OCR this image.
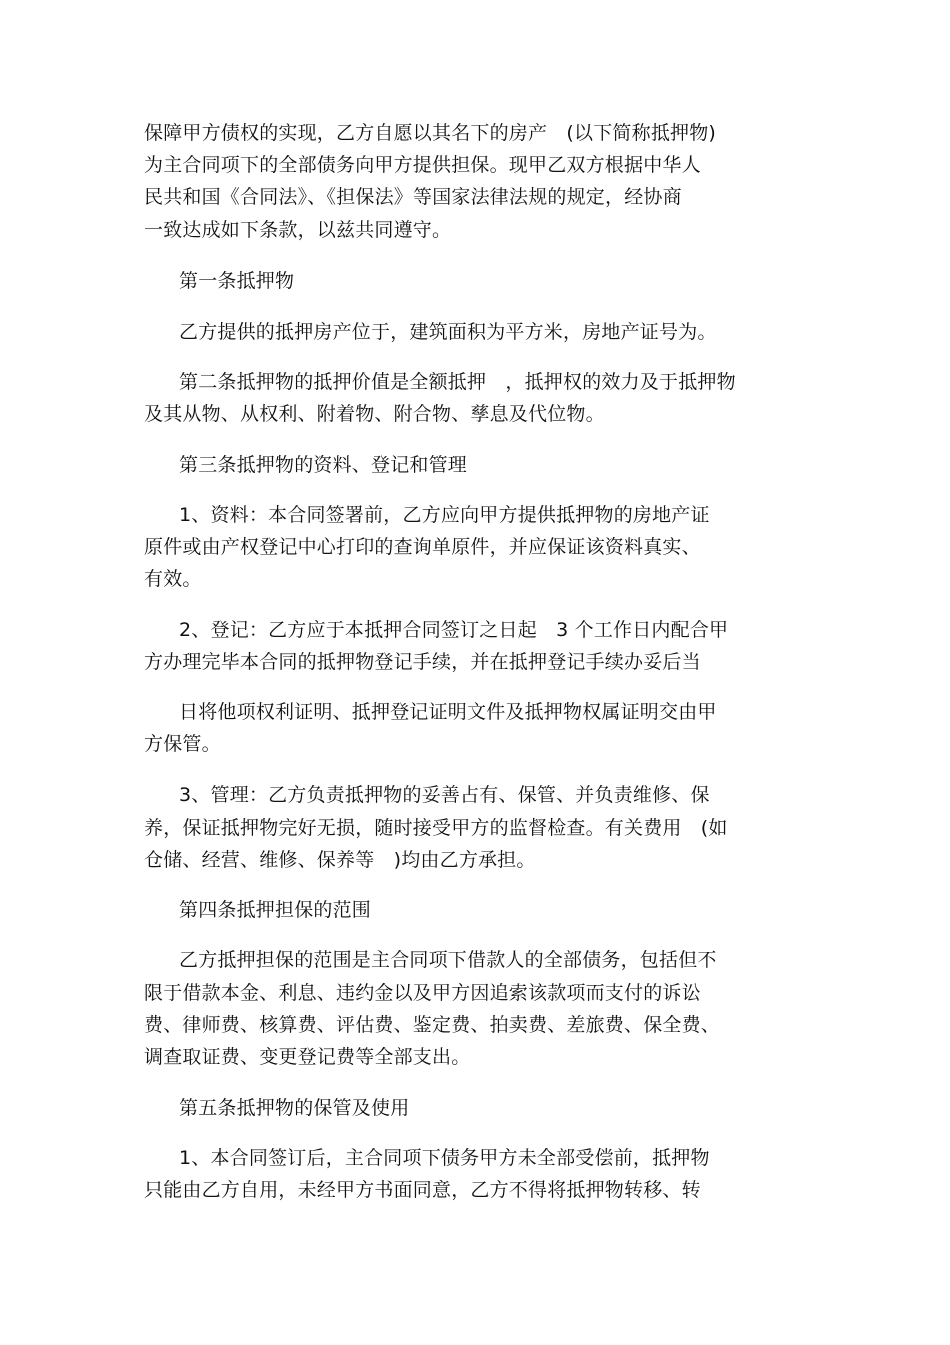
保障甲方债权的实现，乙方自愿以其名下的房产　(以下简称抵押物)
为主合同项下的全部债务向甲方提供担保。现甲乙双方根据中华人
民共和国《合同法》、《担保法》等国家法律法规的规定，经协商
一致达成如下条款，以兹共同遵守。
第一条抵押物
乙方提供的抵押房产位于，建筑面积为平方米，房地产证号为。
第二条抵押物的抵押价值是全额抵押　，抵押权的效力及于抵押物
及其从物、从权利、附着物、附合物、孳息及代位物。
第三条抵押物的资料、登记和管理
1、资料：本合同签署前，乙方应向甲方提供抵押物的房地产证
原件或由产权登记中心打印的查询单原件，并应保证该资料真实、
有效。
2、登记：乙方应于本抵押合同签订之日起　3 个工作日内配合甲
方办理完毕本合同的抵押物登记手续，并在抵押登记手续办妥后当
日将他项权利证明、抵押登记证明文件及抵押物权属证明交由甲
方保管。
3、管理：乙方负责抵押物的妥善占有、保管、并负责维修、保
养，保证抵押物完好无损，随时接受甲方的监督检查。有关费用　(如
仓储、经营、维修、保养等　)均由乙方承担。
第四条抵押担保的范围
乙方抵押担保的范围是主合同项下借款人的全部债务，包括但不
限于借款本金、利息、违约金以及甲方因追索该款项而支付的诉讼
费、律师费、核算费、评估费、鉴定费、拍卖费、差旅费、保全费、
调查取证费、变更登记费等全部支出。
第五条抵押物的保管及使用
1、本合同签订后，主合同项下债务甲方未全部受偿前，抵押物
只能由乙方自用，未经甲方书面同意，乙方不得将抵押物转移、转
